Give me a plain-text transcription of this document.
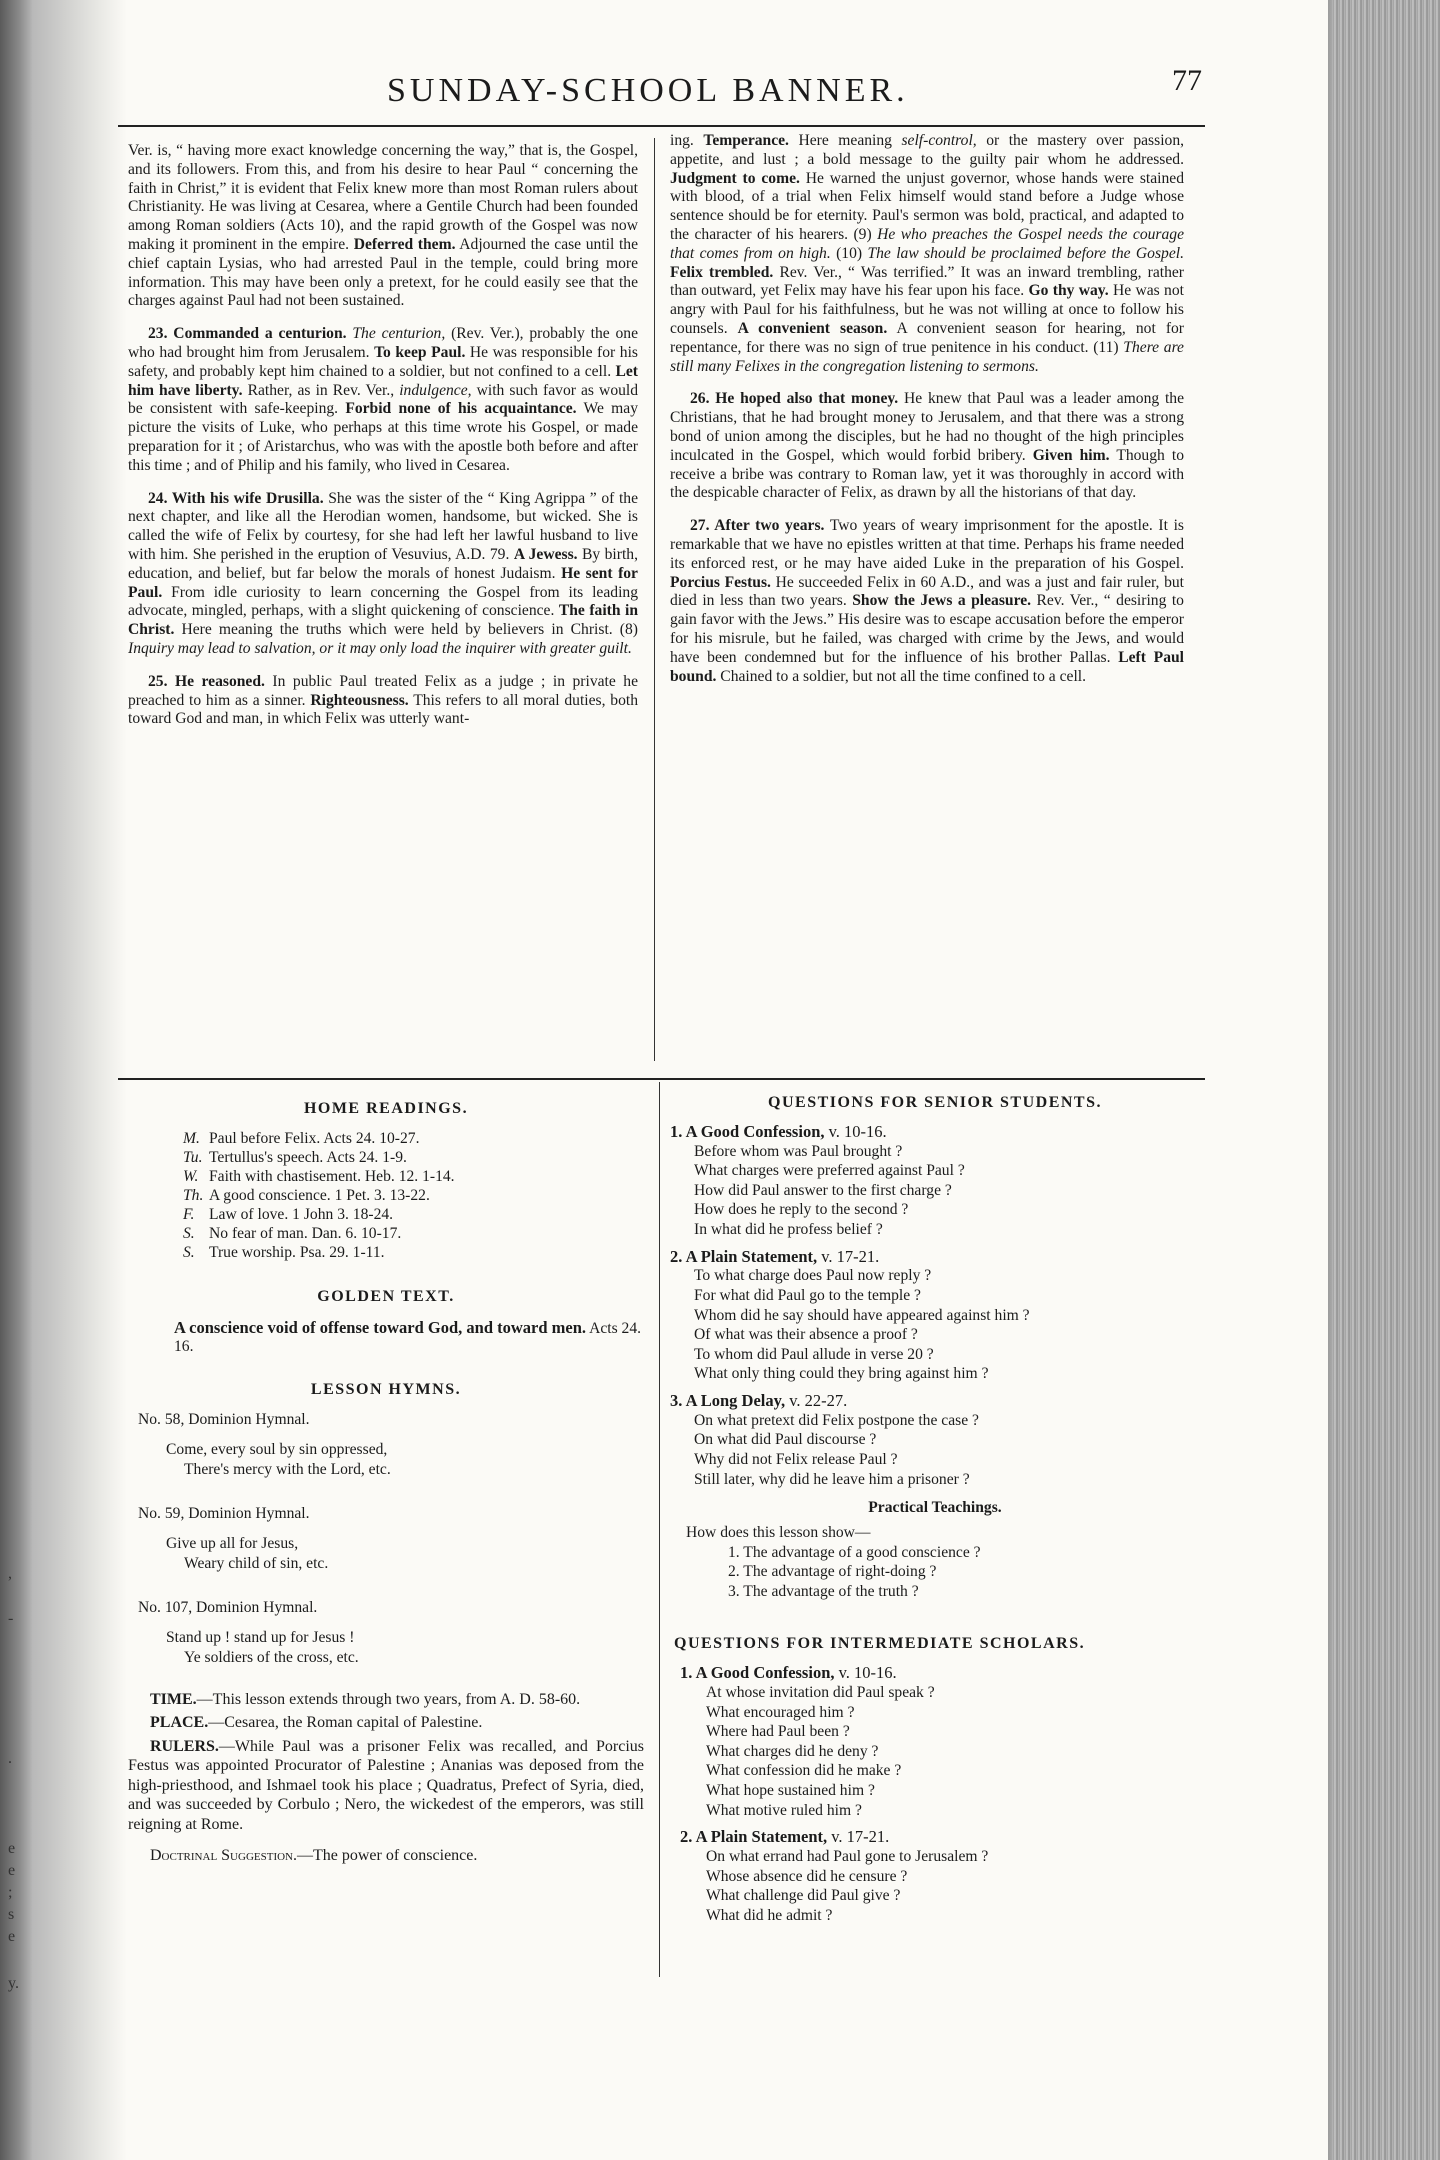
,
-
.
e
e
;
s
e
y.
SUNDAY-SCHOOL BANNER.	77

Ver. is, “ having more exact knowledge concerning the way,” that is, the Gospel, and its followers. From this, and from his desire to hear Paul “ concerning the faith in Christ,” it is evident that Felix knew more than most Roman rulers about Christianity. He was living at Cesarea, where a Gentile Church had been founded among Roman soldiers (Acts 10), and the rapid growth of the Gospel was now making it prominent in the empire. Deferred them. Adjourned the case until the chief captain Lysias, who had arrested Paul in the temple, could bring more information. This may have been only a pretext, for he could easily see that the charges against Paul had not been sustained.

23. Commanded a centurion. The centurion, (Rev. Ver.), probably the one who had brought him from Jerusalem. To keep Paul. He was responsible for his safety, and probably kept him chained to a soldier, but not confined to a cell. Let him have liberty. Rather, as in Rev. Ver., indulgence, with such favor as would be consistent with safe-keeping. Forbid none of his acquaintance. We may picture the visits of Luke, who perhaps at this time wrote his Gospel, or made preparation for it ; of Aristarchus, who was with the apostle both before and after this time ; and of Philip and his family, who lived in Cesarea.

24. With his wife Drusilla. She was the sister of the “ King Agrippa ” of the next chapter, and like all the Herodian women, handsome, but wicked. She is called the wife of Felix by courtesy, for she had left her lawful husband to live with him. She perished in the eruption of Vesuvius, A.D. 79. A Jewess. By birth, education, and belief, but far below the morals of honest Judaism. He sent for Paul. From idle curiosity to learn concerning the Gospel from its leading advocate, mingled, perhaps, with a slight quickening of conscience. The faith in Christ. Here meaning the truths which were held by believers in Christ. (8) Inquiry may lead to salvation, or it may only load the inquirer with greater guilt.

25. He reasoned. In public Paul treated Felix as a judge ; in private he preached to him as a sinner. Righteousness. This refers to all moral duties, both toward God and man, in which Felix was utterly want-

ing. Temperance. Here meaning self-control, or the mastery over passion, appetite, and lust ; a bold message to the guilty pair whom he addressed. Judgment to come. He warned the unjust governor, whose hands were stained with blood, of a trial when Felix himself would stand before a Judge whose sentence should be for eternity. Paul's sermon was bold, practical, and adapted to the character of his hearers. (9) He who preaches the Gospel needs the courage that comes from on high. (10) The law should be proclaimed before the Gospel. Felix trembled. Rev. Ver., “ Was terrified.” It was an inward trembling, rather than outward, yet Felix may have his fear upon his face. Go thy way. He was not angry with Paul for his faithfulness, but he was not willing at once to follow his counsels. A convenient season. A convenient season for hearing, not for repentance, for there was no sign of true penitence in his conduct. (11) There are still many Felixes in the congregation listening to sermons.

26. He hoped also that money. He knew that Paul was a leader among the Christians, that he had brought money to Jerusalem, and that there was a strong bond of union among the disciples, but he had no thought of the high principles inculcated in the Gospel, which would forbid bribery. Given him. Though to receive a bribe was contrary to Roman law, yet it was thoroughly in accord with the despicable character of Felix, as drawn by all the historians of that day.

27. After two years. Two years of weary imprisonment for the apostle. It is remarkable that we have no epistles written at that time. Perhaps his frame needed its enforced rest, or he may have aided Luke in the preparation of his Gospel. Porcius Festus. He succeeded Felix in 60 A.D., and was a just and fair ruler, but died in less than two years. Show the Jews a pleasure. Rev. Ver., “ desiring to gain favor with the Jews.” His desire was to escape accusation before the emperor for his misrule, but he failed, was charged with crime by the Jews, and would have been condemned but for the influence of his brother Pallas. Left Paul bound. Chained to a soldier, but not all the time confined to a cell.

HOME READINGS.
M. Paul before Felix. Acts 24. 10-27.
Tu. Tertullus's speech. Acts 24. 1-9.
W. Faith with chastisement. Heb. 12. 1-14.
Th. A good conscience. 1 Pet. 3. 13-22.
F. Law of love. 1 John 3. 18-24.
S. No fear of man. Dan. 6. 10-17.
S. True worship. Psa. 29. 1-11.
GOLDEN TEXT.
A conscience void of offense toward God, and toward men. Acts 24. 16.
LESSON HYMNS.
No. 58, Dominion Hymnal.
Come, every soul by sin oppressed,
There's mercy with the Lord, etc.
No. 59, Dominion Hymnal.
Give up all for Jesus,
Weary child of sin, etc.
No. 107, Dominion Hymnal.
Stand up ! stand up for Jesus !
Ye soldiers of the cross, etc.
TIME.—This lesson extends through two years, from A. D. 58-60.
PLACE.—Cesarea, the Roman capital of Palestine.
RULERS.—While Paul was a prisoner Felix was recalled, and Porcius Festus was appointed Procurator of Palestine ; Ananias was deposed from the high-priesthood, and Ishmael took his place ; Quadratus, Prefect of Syria, died, and was succeeded by Corbulo ; Nero, the wickedest of the emperors, was still reigning at Rome.
Doctrinal Suggestion.—The power of conscience.
QUESTIONS FOR SENIOR STUDENTS.
1. A Good Confession, v. 10-16.
Before whom was Paul brought ?
What charges were preferred against Paul ?
How did Paul answer to the first charge ?
How does he reply to the second ?
In what did he profess belief ?
2. A Plain Statement, v. 17-21.
To what charge does Paul now reply ?
For what did Paul go to the temple ?
Whom did he say should have appeared against him ?
Of what was their absence a proof ?
To whom did Paul allude in verse 20 ?
What only thing could they bring against him ?
3. A Long Delay, v. 22-27.
On what pretext did Felix postpone the case ?
On what did Paul discourse ?
Why did not Felix release Paul ?
Still later, why did he leave him a prisoner ?
Practical Teachings.
How does this lesson show—
1. The advantage of a good conscience ?
2. The advantage of right-doing ?
3. The advantage of the truth ?
QUESTIONS FOR INTERMEDIATE SCHOLARS.
1. A Good Confession, v. 10-16.
At whose invitation did Paul speak ?
What encouraged him ?
Where had Paul been ?
What charges did he deny ?
What confession did he make ?
What hope sustained him ?
What motive ruled him ?
2. A Plain Statement, v. 17-21.
On what errand had Paul gone to Jerusalem ?
Whose absence did he censure ?
What challenge did Paul give ?
What did he admit ?
